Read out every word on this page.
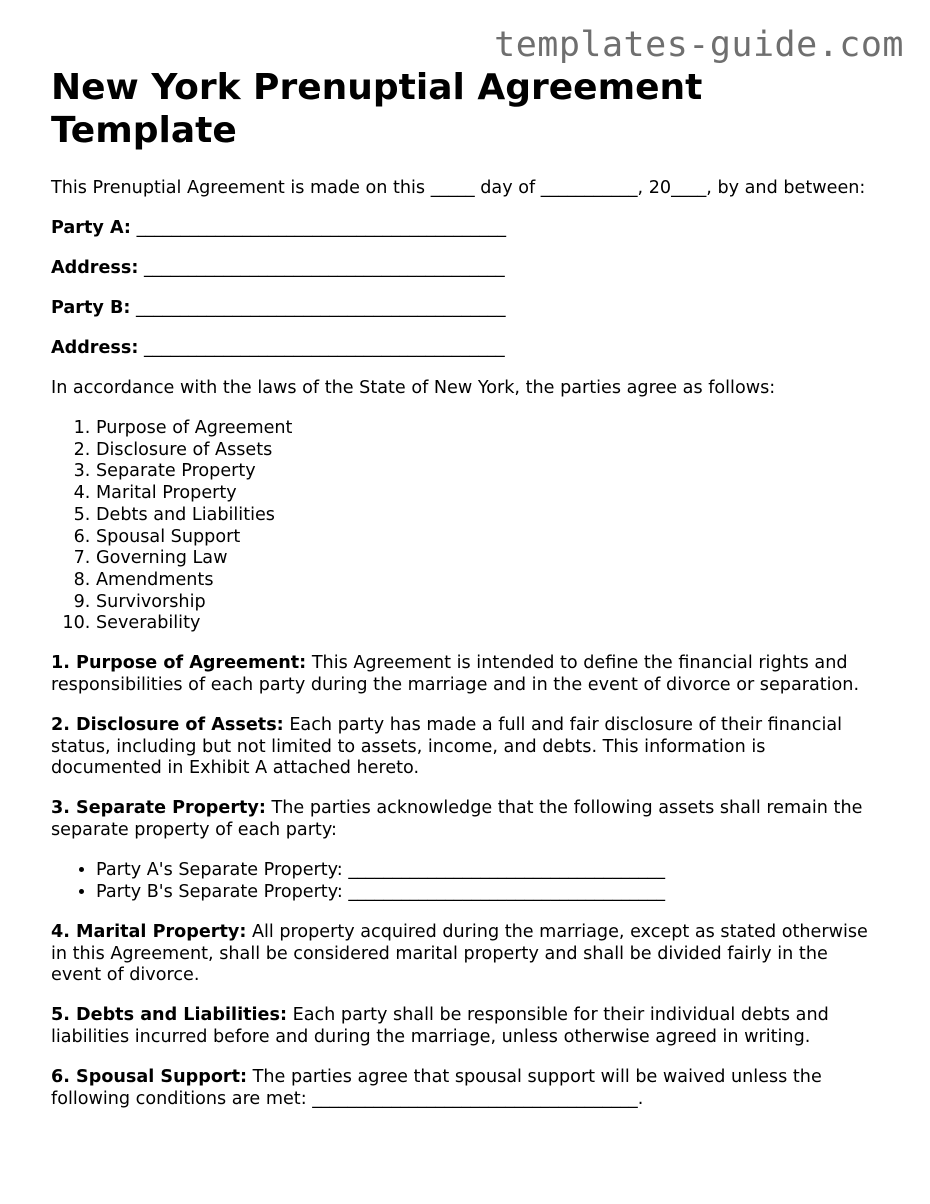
templates-guide.com
New York Prenuptial Agreement Template

This Prenuptial Agreement is made on this _____ day of ___________, 20____, by and between:

Party A: __________________________________________
Address: _________________________________________
Party B: __________________________________________
Address: _________________________________________

In accordance with the laws of the State of New York, the parties agree as follows:

1. Purpose of Agreement
2. Disclosure of Assets
3. Separate Property
4. Marital Property
5. Debts and Liabilities
6. Spousal Support
7. Governing Law
8. Amendments
9. Survivorship
10. Severability

1. Purpose of Agreement: This Agreement is intended to define the financial rights and responsibilities of each party during the marriage and in the event of divorce or separation.

2. Disclosure of Assets: Each party has made a full and fair disclosure of their financial status, including but not limited to assets, income, and debts. This information is documented in Exhibit A attached hereto.

3. Separate Property: The parties acknowledge that the following assets shall remain the separate property of each party:

• Party A's Separate Property: ____________________________________
• Party B's Separate Property: ____________________________________

4. Marital Property: All property acquired during the marriage, except as stated otherwise in this Agreement, shall be considered marital property and shall be divided fairly in the event of divorce.

5. Debts and Liabilities: Each party shall be responsible for their individual debts and liabilities incurred before and during the marriage, unless otherwise agreed in writing.

6. Spousal Support: The parties agree that spousal support will be waived unless the following conditions are met: _____________________________________.
